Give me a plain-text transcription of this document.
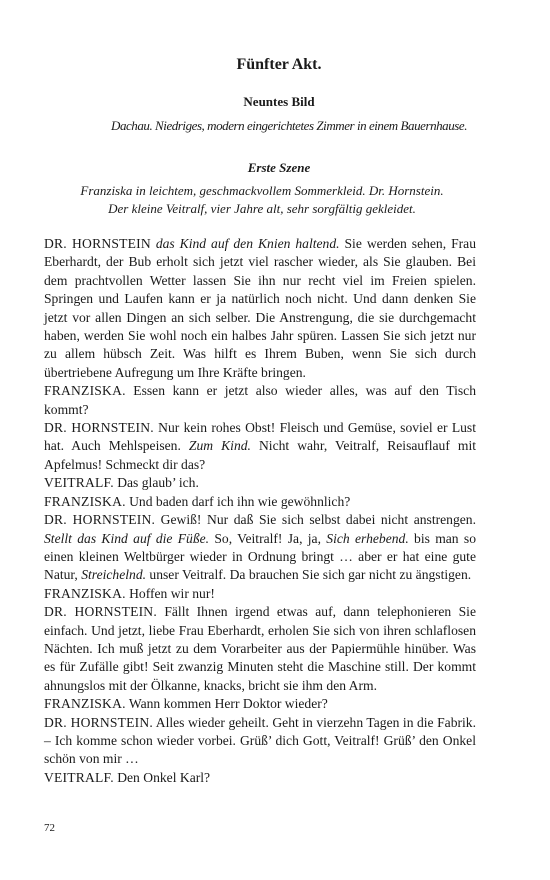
Fünfter Akt.
Neuntes Bild
Dachau. Niedriges, modern eingerichtetes Zimmer in einem Bauernhause.
Erste Szene
Franziska in leichtem, geschmackvollem Sommerkleid. Dr. Hornstein.
Der kleine Veitralf, vier Jahre alt, sehr sorgfältig gekleidet.

DR. HORNSTEIN das Kind auf den Knien haltend. Sie werden sehen, Frau Eberhardt, der Bub erholt sich jetzt viel rascher wieder, als Sie glauben. Bei dem prachtvollen Wetter lassen Sie ihn nur recht viel im Freien spielen. Springen und Laufen kann er ja natürlich noch nicht. Und dann denken Sie jetzt vor allen Dingen an sich selber. Die Anstrengung, die sie durchgemacht haben, werden Sie wohl noch ein halbes Jahr spüren. Lassen Sie sich jetzt nur zu allem hübsch Zeit. Was hilft es Ihrem Buben, wenn Sie sich durch übertriebene Aufregung um Ihre Kräfte bringen.

FRANZISKA. Essen kann er jetzt also wieder alles, was auf den Tisch kommt?

DR. HORNSTEIN. Nur kein rohes Obst! Fleisch und Gemüse, soviel er Lust hat. Auch Mehlspeisen. Zum Kind. Nicht wahr, Veitralf, Reisauflauf mit Apfelmus! Schmeckt dir das?

VEITRALF. Das glaub’ ich.

FRANZISKA. Und baden darf ich ihn wie gewöhnlich?

DR. HORNSTEIN. Gewiß! Nur daß Sie sich selbst dabei nicht anstrengen. Stellt das Kind auf die Füße. So, Veitralf! Ja, ja, Sich erhebend. bis man so einen kleinen Weltbürger wieder in Ordnung bringt … aber er hat eine gute Natur, Streichelnd. unser Veitralf. Da brauchen Sie sich gar nicht zu ängstigen.

FRANZISKA. Hoffen wir nur!

DR. HORNSTEIN. Fällt Ihnen irgend etwas auf, dann telephonieren Sie einfach. Und jetzt, liebe Frau Eberhardt, erholen Sie sich von ihren schlaflosen Nächten. Ich muß jetzt zu dem Vorarbeiter aus der Papiermühle hinüber. Was es für Zufälle gibt! Seit zwanzig Minuten steht die Maschine still. Der kommt ahnungslos mit der Ölkanne, knacks, bricht sie ihm den Arm.

FRANZISKA. Wann kommen Herr Doktor wieder?

DR. HORNSTEIN. Alles wieder geheilt. Geht in vierzehn Tagen in die Fabrik. – Ich komme schon wieder vorbei. Grüß’ dich Gott, Veitralf! Grüß’ den Onkel schön von mir …

VEITRALF. Den Onkel Karl?

72
